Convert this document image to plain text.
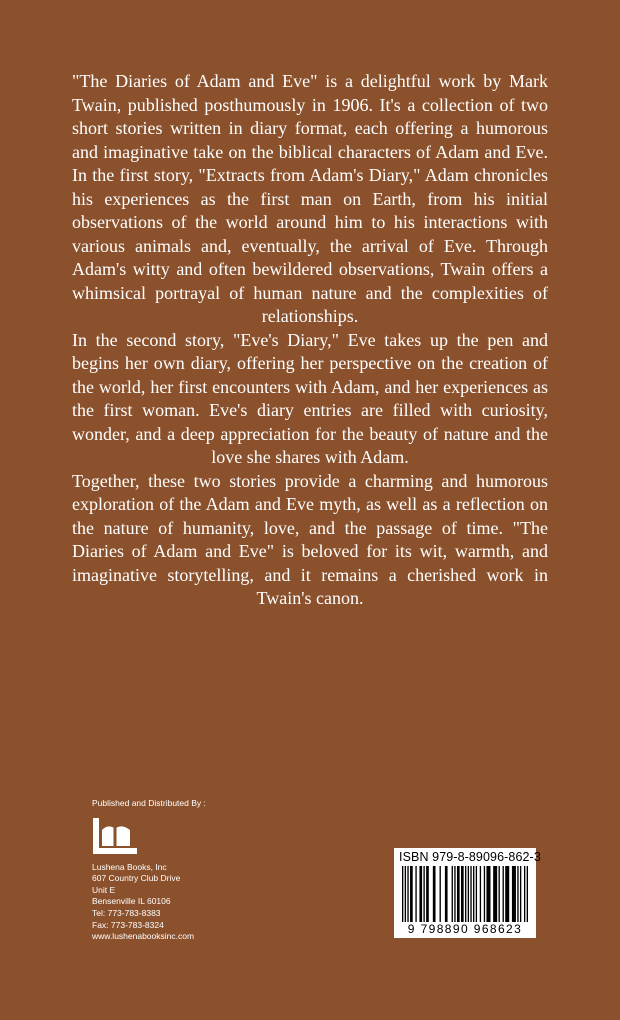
"The Diaries of Adam and Eve" is a delightful work by Mark Twain, published posthumously in 1906. It's a collection of two short stories written in diary format, each offering a humorous and imaginative take on the biblical characters of Adam and Eve. In the first story, "Extracts from Adam's Diary," Adam chronicles his experiences as the first man on Earth, from his initial observations of the world around him to his interactions with various animals and, eventually, the arrival of Eve. Through Adam's witty and often bewildered observations, Twain offers a whimsical portrayal of human nature and the complexities of relationships.

In the second story, "Eve's Diary," Eve takes up the pen and begins her own diary, offering her perspective on the creation of the world, her first encounters with Adam, and her experiences as the first woman. Eve's diary entries are filled with curiosity, wonder, and a deep appreciation for the beauty of nature and the love she shares with Adam.

Together, these two stories provide a charming and humorous exploration of the Adam and Eve myth, as well as a reflection on the nature of humanity, love, and the passage of time. "The Diaries of Adam and Eve" is beloved for its wit, warmth, and imaginative storytelling, and it remains a cherished work in Twain's canon.

Published and Distributed By :
Lushena Books, Inc
607 Country Club Drive
Unit E
Bensenville IL 60106
Tel: 773-783-8383
Fax: 773-783-8324
www.lushenabooksinc.com
ISBN 979-8-89096-862-3
9 798890 968623
